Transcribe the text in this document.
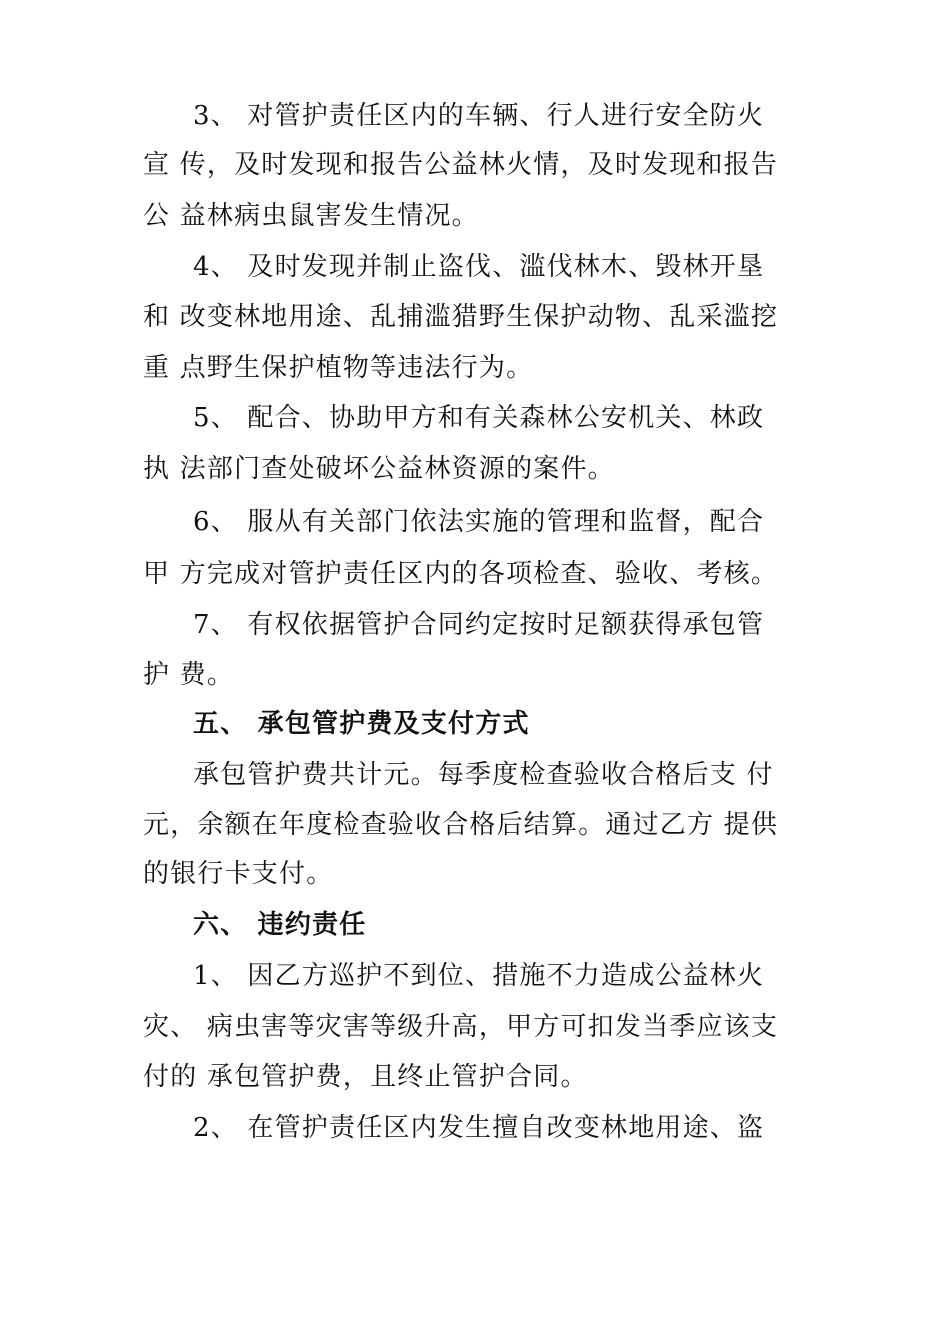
3、 对管护责任区内的车辆、行人进行安全防火
宣 传，及时发现和报告公益林火情，及时发现和报告
公 益林病虫鼠害发生情况。
4、 及时发现并制止盗伐、滥伐林木、毁林开垦
和 改变林地用途、乱捕滥猎野生保护动物、乱采滥挖
重 点野生保护植物等违法行为。
5、 配合、协助甲方和有关森林公安机关、林政
执 法部门查处破坏公益林资源的案件。
6、 服从有关部门依法实施的管理和监督，配合
甲 方完成对管护责任区内的各项检查、验收、考核。
7、 有权依据管护合同约定按时足额获得承包管
护 费。
五、 承包管护费及支付方式
承包管护费共计元。每季度检查验收合格后支 付
元，余额在年度检查验收合格后结算。通过乙方 提供
的银行卡支付。
六、 违约责任
1、 因乙方巡护不到位、措施不力造成公益林火
灾、 病虫害等灾害等级升高，甲方可扣发当季应该支
付的 承包管护费，且终止管护合同。
2、 在管护责任区内发生擅自改变林地用途、盗
